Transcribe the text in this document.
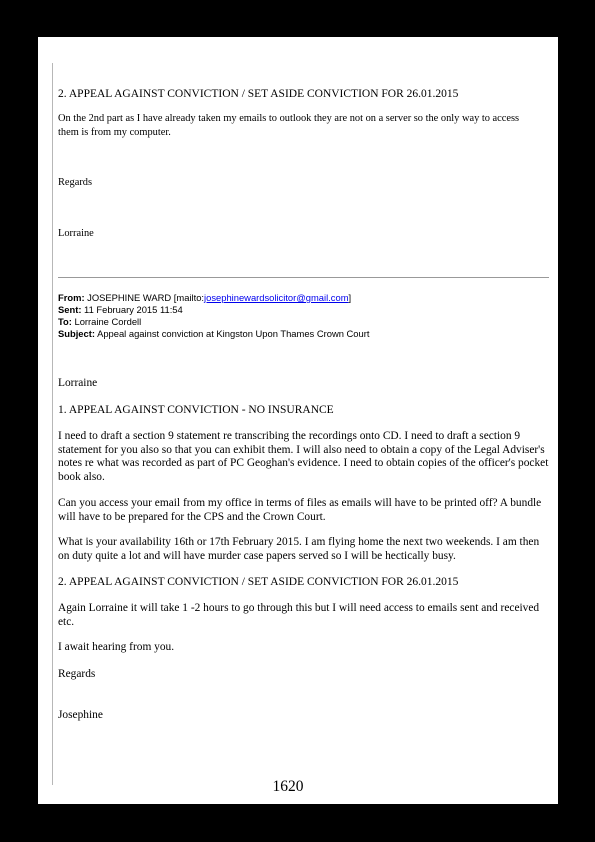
2. APPEAL AGAINST CONVICTION / SET ASIDE CONVICTION FOR 26.01.2015

On the 2nd part as I have already taken my emails to outlook they are not on a server so the only way to access them is from my computer.

Regards

Lorraine

From: JOSEPHINE WARD [mailto:josephinewardsolicitor@gmail.com]
Sent: 11 February 2015 11:54
To: Lorraine Cordell
Subject: Appeal against conviction at Kingston Upon Thames Crown Court

Lorraine

1. APPEAL AGAINST CONVICTION - NO INSURANCE

I need to draft a section 9 statement re transcribing the recordings onto CD. I need to draft a section 9 statement for you also so that you can exhibit them. I will also need to obtain a copy of the Legal Adviser's notes re what was recorded as part of PC Geoghan's evidence. I need to obtain copies of the officer's pocket book also.

Can you access your email from my office in terms of files as emails will have to be printed off? A bundle will have to be prepared for the CPS and the Crown Court.

What is your availability 16th or 17th February 2015. I am flying home the next two weekends. I am then on duty quite a lot and will have murder case papers served so I will be hectically busy.

2. APPEAL AGAINST CONVICTION / SET ASIDE CONVICTION FOR 26.01.2015

Again Lorraine it will take 1 -2 hours to go through this but I will need access to emails sent and received etc.

I await hearing from you.

Regards

Josephine

1620
